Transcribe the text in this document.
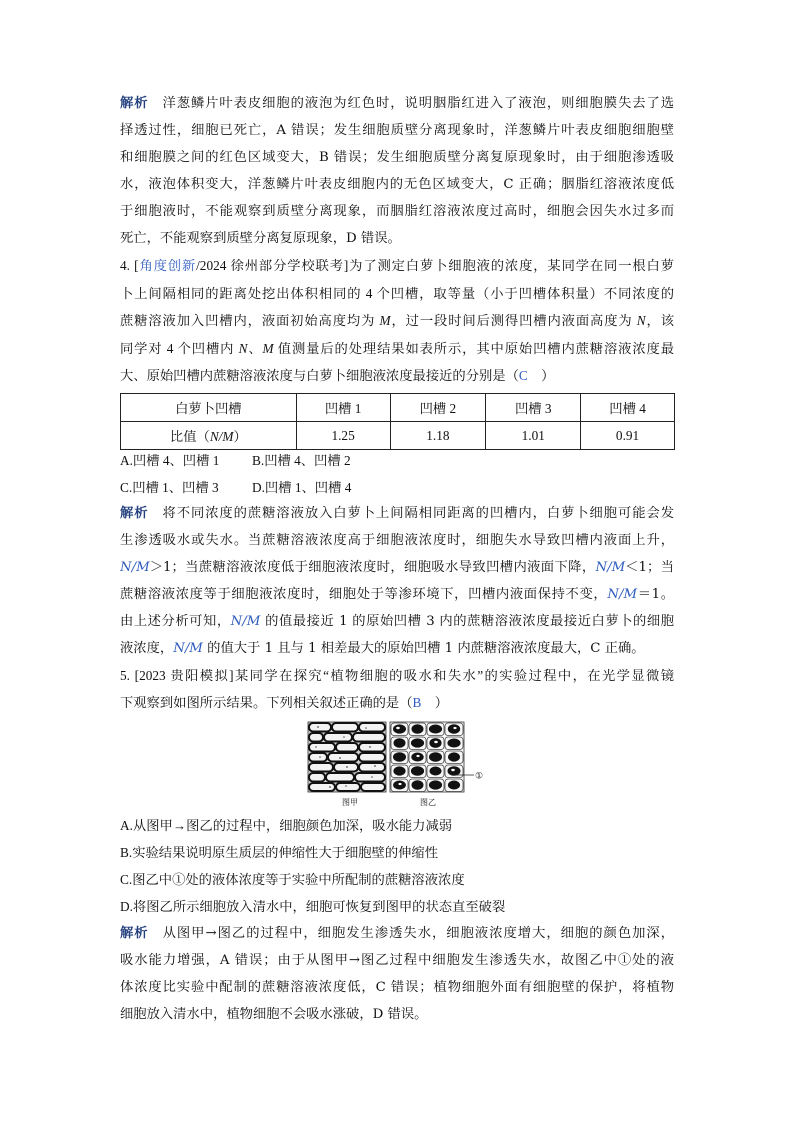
解析 洋葱鳞片叶表皮细胞的液泡为红色时，说明胭脂红进入了液泡，则细胞膜失去了选
择透过性，细胞已死亡，A 错误；发生细胞质壁分离现象时，洋葱鳞片叶表皮细胞细胞壁
和细胞膜之间的红色区域变大，B 错误；发生细胞质壁分离复原现象时，由于细胞渗透吸
水，液泡体积变大，洋葱鳞片叶表皮细胞内的无色区域变大，C 正确；胭脂红溶液浓度低
于细胞液时，不能观察到质壁分离现象，而胭脂红溶液浓度过高时，细胞会因失水过多而
死亡，不能观察到质壁分离复原现象，D 错误。
4. [角度创新/2024 徐州部分学校联考]为了测定白萝卜细胞液的浓度，某同学在同一根白萝
卜上间隔相同的距离处挖出体积相同的 4 个凹槽，取等量（小于凹槽体积量）不同浓度的
蔗糖溶液加入凹槽内，液面初始高度均为 M，过一段时间后测得凹槽内液面高度为 N，该
同学对 4 个凹槽内 N、M 值测量后的处理结果如表所示，其中原始凹槽内蔗糖溶液浓度最
大、原始凹槽内蔗糖溶液浓度与白萝卜细胞液浓度最接近的分别是（C　）
白萝卜凹槽	凹槽 1	凹槽 2	凹槽 3	凹槽 4
比值（N/M）	1.25	1.18	1.01	0.91
A.凹槽 4、凹槽 1 B.凹槽 4、凹槽 2
C.凹槽 1、凹槽 3	D.凹槽 1、凹槽 4
解析 将不同浓度的蔗糖溶液放入白萝卜上间隔相同距离的凹槽内，白萝卜细胞可能会发
生渗透吸水或失水。当蔗糖溶液浓度高于细胞液浓度时，细胞失水导致凹槽内液面上升，
N/M＞1；当蔗糖溶液浓度低于细胞液浓度时，细胞吸水导致凹槽内液面下降，N/M＜1；当
蔗糖溶液浓度等于细胞液浓度时，细胞处于等渗环境下，凹槽内液面保持不变，N/M＝1。
由上述分析可知，N/M 的值最接近 1 的原始凹槽 3 内的蔗糖溶液浓度最接近白萝卜的细胞
液浓度，N/M 的值大于 1 且与 1 相差最大的原始凹槽 1 内蔗糖溶液浓度最大，C 正确。
5. [2023 贵阳模拟]某同学在探究“植物细胞的吸水和失水”的实验过程中，在光学显微镜
下观察到如图所示结果。下列相关叙述正确的是（B　）
①
图甲	图乙
A.从图甲→图乙的过程中，细胞颜色加深，吸水能力减弱
B.实验结果说明原生质层的伸缩性大于细胞壁的伸缩性
C.图乙中①处的液体浓度等于实验中所配制的蔗糖溶液浓度
D.将图乙所示细胞放入清水中，细胞可恢复到图甲的状态直至破裂
解析 从图甲→图乙的过程中，细胞发生渗透失水，细胞液浓度增大，细胞的颜色加深，
吸水能力增强，A 错误；由于从图甲→图乙过程中细胞发生渗透失水，故图乙中①处的液
体浓度比实验中配制的蔗糖溶液浓度低，C 错误；植物细胞外面有细胞壁的保护，将植物
细胞放入清水中，植物细胞不会吸水涨破，D 错误。
